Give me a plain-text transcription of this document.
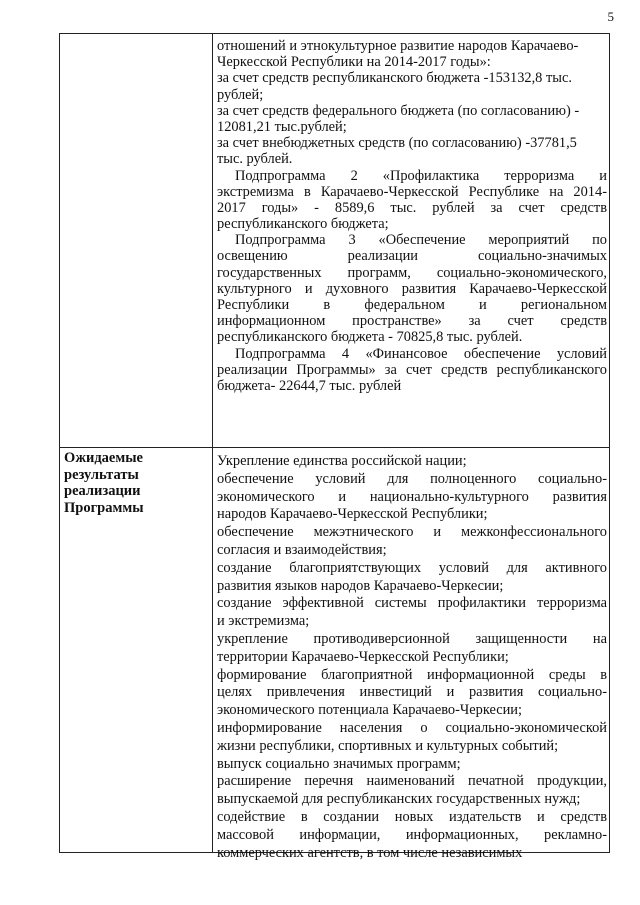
5
отношений и этнокультурное развитие народов Карачаево-
Черкесской Республики на 2014-2017 годы»:
за счет средств республиканского бюджета -153132,8 тыс.
рублей;
за счет средств федерального бюджета (по согласованию) -
12081,21 тыс.рублей;
за счет внебюджетных средств (по согласованию) -37781,5
тыс. рублей.
Подпрограмма 2 «Профилактика терроризма и
экстремизма в Карачаево-Черкесской Республике на 2014-
2017 годы» - 8589,6 тыс. рублей за счет средств
республиканского бюджета;
Подпрограмма 3 «Обеспечение мероприятий по
освещению реализации социально-значимых
государственных программ, социально-экономического,
культурного и духовного развития Карачаево-Черкесской
Республики в федеральном и региональном
информационном пространстве» за счет средств
республиканского бюджета - 70825,8 тыс. рублей.
Подпрограмма 4 «Финансовое обеспечение условий
реализации Программы» за счет средств республиканского
бюджета- 22644,7 тыс. рублей
Ожидаемые
результаты
реализации
Программы
Укрепление единства российской нации;
обеспечение условий для полноценного социально-
экономического и национально-культурного развития
народов Карачаево-Черкесской Республики;
обеспечение межэтнического и межконфессионального
согласия и взаимодействия;
создание благоприятствующих условий для активного
развития языков народов Карачаево-Черкесии;
создание эффективной системы профилактики терроризма
и экстремизма;
укрепление противодиверсионной защищенности на
территории Карачаево-Черкесской Республики;
формирование благоприятной информационной среды в
целях привлечения инвестиций и развития социально-
экономического потенциала Карачаево-Черкесии;
информирование населения о социально-экономической
жизни республики, спортивных и культурных событий;
выпуск социально значимых программ;
расширение перечня наименований печатной продукции,
выпускаемой для республиканских государственных нужд;
содействие в создании новых издательств и средств
массовой информации, информационных, рекламно-
коммерческих агентств, в том числе независимых
